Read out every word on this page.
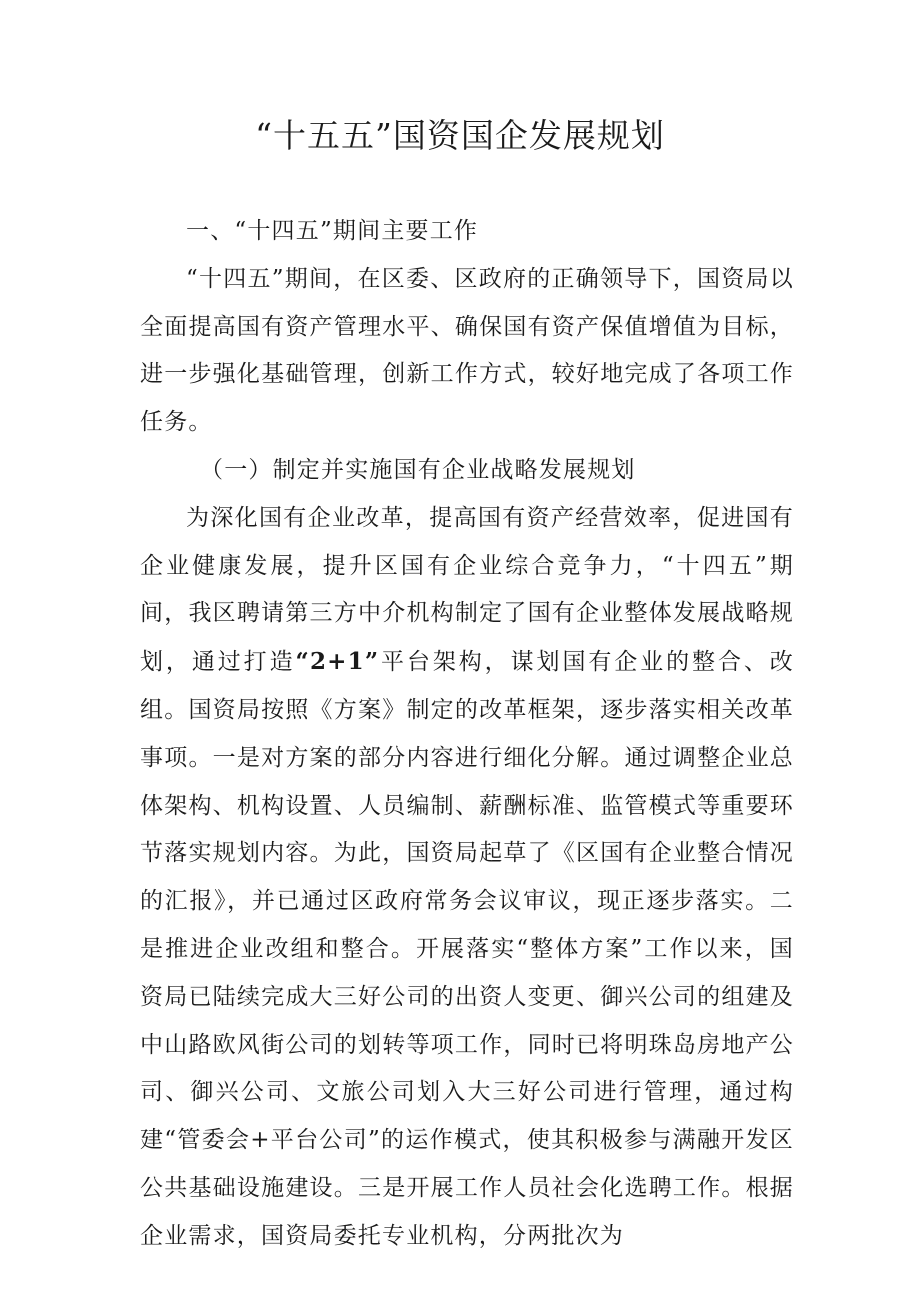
“十五五”国资国企发展规划
一、“十四五”期间主要工作

“十四五”期间，在区委、区政府的正确领导下，国资局以全面提高国有资产管理水平、确保国有资产保值增值为目标，进一步强化基础管理，创新工作方式，较好地完成了各项工作任务。

（一）制定并实施国有企业战略发展规划

为深化国有企业改革，提高国有资产经营效率，促进国有企业健康发展，提升区国有企业综合竞争力，“十四五”期间，我区聘请第三方中介机构制定了国有企业整体发展战略规划，通过打造“2+1”平台架构，谋划国有企业的整合、改组。国资局按照《方案》制定的改革框架，逐步落实相关改革事项。一是对方案的部分内容进行细化分解。通过调整企业总体架构、机构设置、人员编制、薪酬标准、监管模式等重要环节落实规划内容。为此，国资局起草了《区国有企业整合情况的汇报》，并已通过区政府常务会议审议，现正逐步落实。二是推进企业改组和整合。开展落实“整体方案”工作以来，国资局已陆续完成大三好公司的出资人变更、御兴公司的组建及中山路欧风街公司的划转等项工作，同时已将明珠岛房地产公司、御兴公司、文旅公司划入大三好公司进行管理，通过构建“管委会+平台公司”的运作模式，使其积极参与满融开发区公共基础设施建设。三是开展工作人员社会化选聘工作。根据企业需求，国资局委托专业机构，分两批次为
